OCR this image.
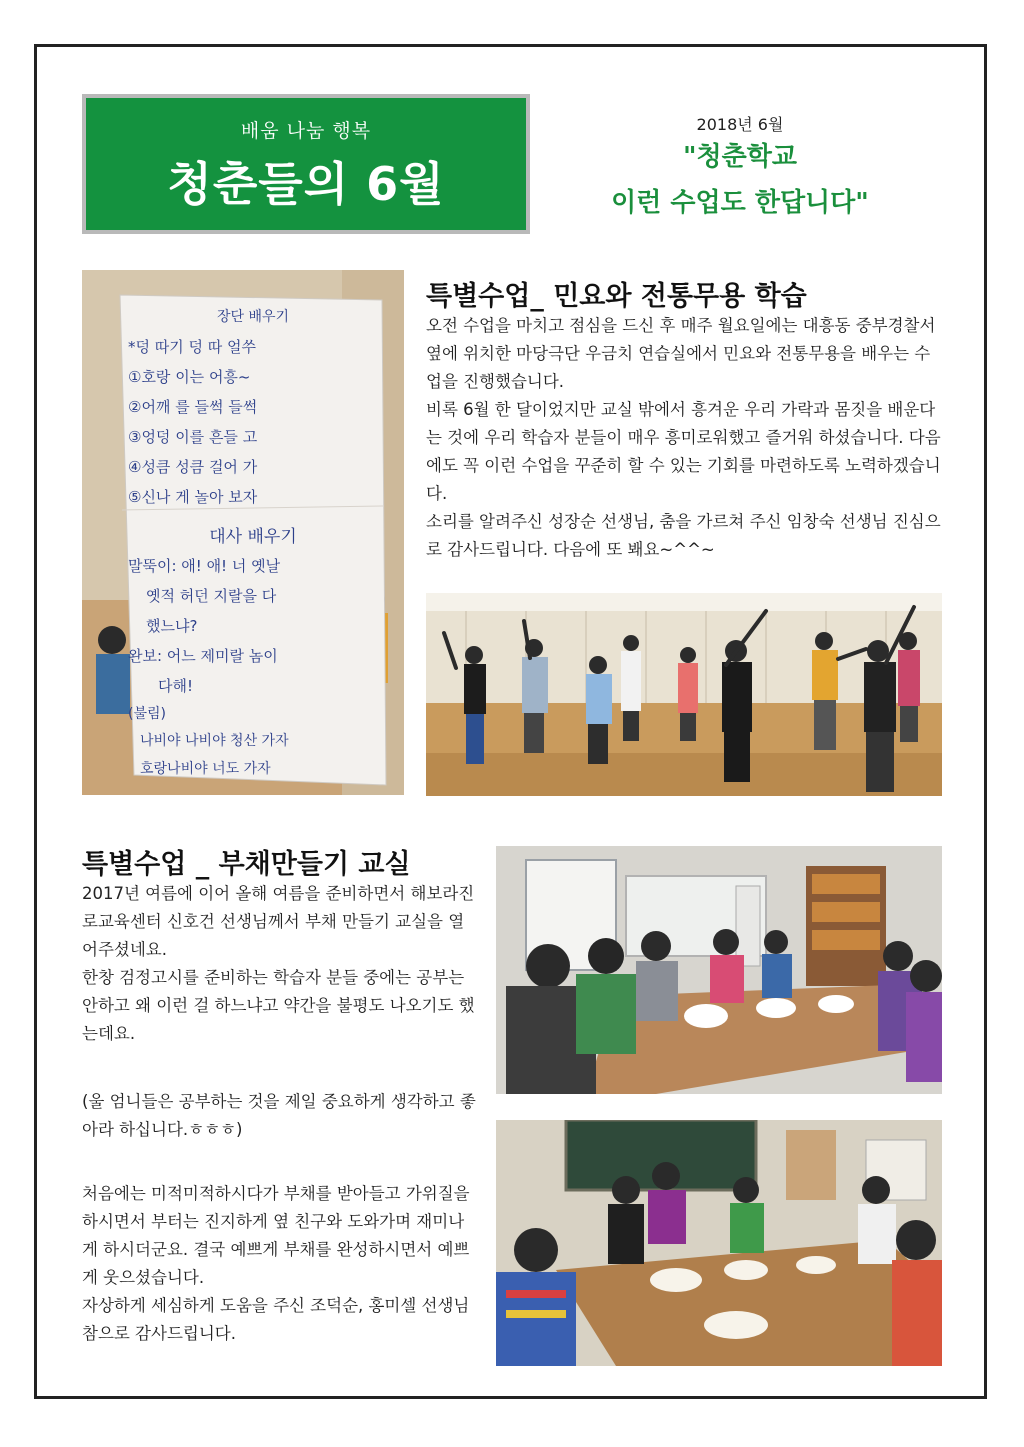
배움 나눔 행복
청춘들의 6월
2018년 6월
"청춘학교
이런 수업도 한답니다"
장단 배우기
*덩 따기 덩 따 얼쑤
①호랑 이는 어흥~
②어깨 를 들썩 들썩
③엉덩 이를 흔들 고
④성큼 성큼 걸어 가
⑤신나 게 놀아 보자
대사 배우기
말뚝이: 애! 애! 너 옛날
옛적 허던 지랄을 다
했느냐?
완보: 어느 제미랄 놈이
다해!
(불림)
나비야 나비야 청산 가자
호랑나비야 너도 가자
특별수업_ 민요와 전통무용 학습

오전 수업을 마치고 점심을 드신 후 매주 월요일에는 대흥동 중부경찰서 옆에 위치한 마당극단 우금치 연습실에서 민요와 전통무용을 배우는 수업을 진행했습니다.

비록 6월 한 달이었지만 교실 밖에서 흥겨운 우리 가락과 몸짓을 배운다는 것에 우리 학습자 분들이 매우 흥미로워했고 즐거워 하셨습니다. 다음에도 꼭 이런 수업을 꾸준히 할 수 있는 기회를 마련하도록 노력하겠습니다.

소리를 알려주신 성장순 선생님, 춤을 가르쳐 주신 임창숙 선생님 진심으로 감사드립니다. 다음에 또 봬요~^^~

특별수업 _ 부채만들기 교실

2017년 여름에 이어 올해 여름을 준비하면서 해보라진로교육센터 신호건 선생님께서 부채 만들기 교실을 열어주셨네요.

한창 검정고시를 준비하는 학습자 분들 중에는 공부는 안하고 왜 이런 걸 하느냐고 약간을 불평도 나오기도 했는데요.

(울 엄니들은 공부하는 것을 제일 중요하게 생각하고 좋아라 하십니다.ㅎㅎㅎ)

처음에는 미적미적하시다가 부채를 받아들고 가위질을 하시면서 부터는 진지하게 옆 친구와 도와가며 재미나게 하시더군요. 결국 예쁘게 부채를 완성하시면서 예쁘게 웃으셨습니다.

자상하게 세심하게 도움을 주신 조덕순, 홍미셀 선생님 참으로 감사드립니다.
